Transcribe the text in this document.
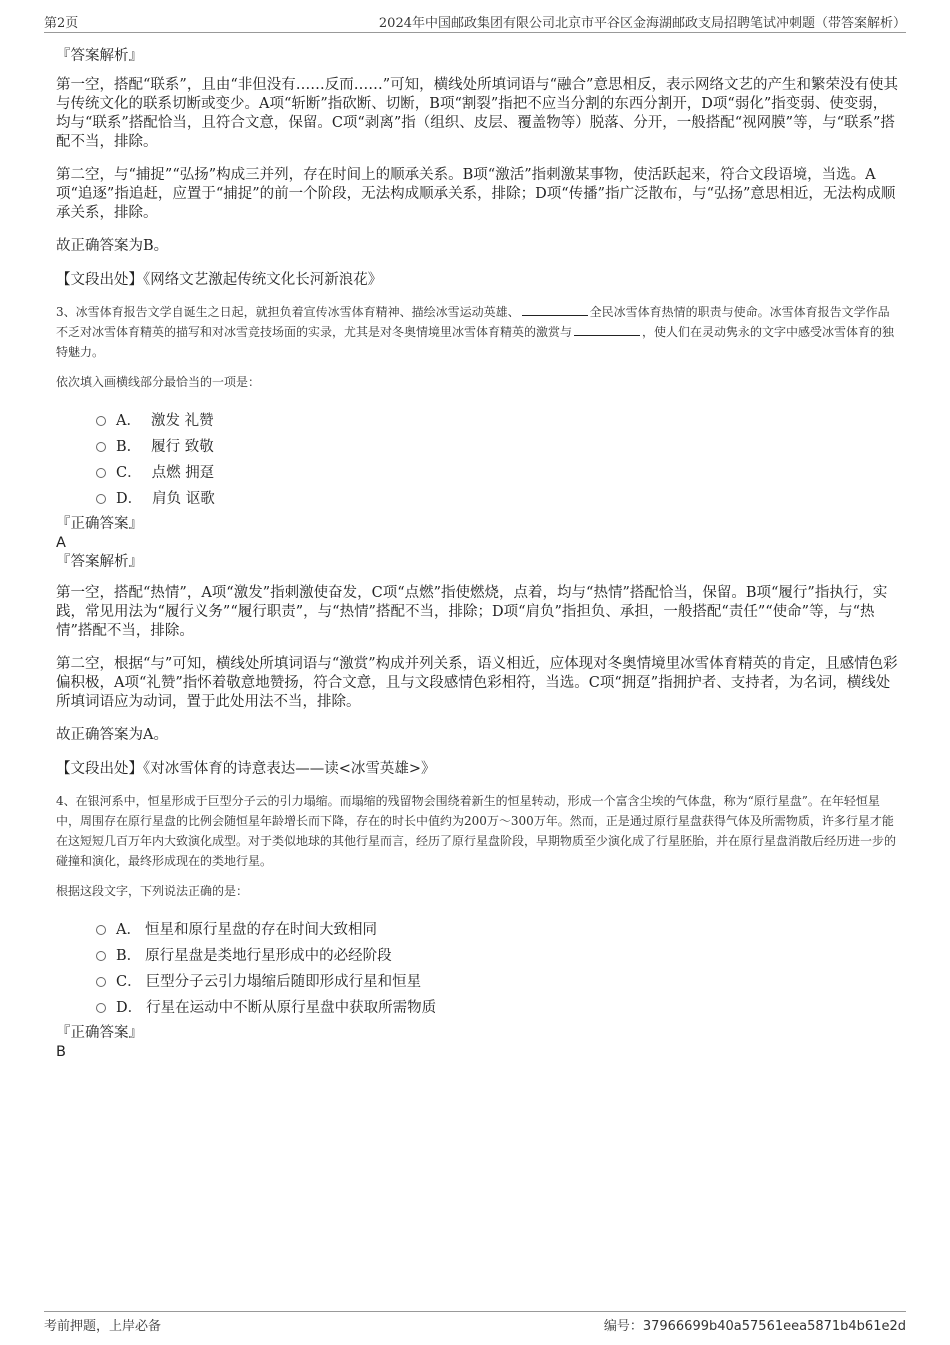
第2页	2024年中国邮政集团有限公司北京市平谷区金海湖邮政支局招聘笔试冲刺题（带答案解析）

『答案解析』

第一空，搭配“联系”，且由“非但没有……反而……”可知，横线处所填词语与“融合”意思相反，表示网络文艺的产生和繁荣没有使其与传统文化的联系切断或变少。A项“斩断”指砍断、切断，B项“割裂”指把不应当分割的东西分割开，D项“弱化”指变弱、使变弱，均与“联系”搭配恰当，且符合文意，保留。C项“剥离”指（组织、皮层、覆盖物等）脱落、分开，一般搭配“视网膜”等，与“联系”搭配不当，排除。

第二空，与“捕捉”“弘扬”构成三并列，存在时间上的顺承关系。B项“激活”指刺激某事物，使活跃起来，符合文段语境，当选。A项“追逐”指追赶，应置于“捕捉”的前一个阶段，无法构成顺承关系，排除；D项“传播”指广泛散布，与“弘扬”意思相近，无法构成顺承关系，排除。

故正确答案为B。

【文段出处】《网络文艺激起传统文化长河新浪花》

3、冰雪体育报告文学自诞生之日起，就担负着宣传冰雪体育精神、描绘冰雪运动英雄、	全民冰雪体育热情的职责与使命。冰雪体育报告文学作品不乏对冰雪体育精英的描写和对冰雪竞技场面的实录，尤其是对冬奥情境里冰雪体育精英的激赏与	，使人们在灵动隽永的文字中感受冰雪体育的独特魅力。

依次填入画横线部分最恰当的一项是：

A． 激发 礼赞
B． 履行 致敬
C． 点燃 拥趸
D． 肩负 讴歌

『正确答案』

A

『答案解析』

第一空，搭配“热情”，A项“激发”指刺激使奋发，C项“点燃”指使燃烧，点着，均与“热情”搭配恰当，保留。B项“履行”指执行，实践，常见用法为“履行义务”“履行职责”，与“热情”搭配不当，排除；D项“肩负”指担负、承担，一般搭配“责任”“使命”等，与“热情”搭配不当，排除。

第二空，根据“与”可知，横线处所填词语与“激赏”构成并列关系，语义相近，应体现对冬奥情境里冰雪体育精英的肯定，且感情色彩偏积极，A项“礼赞”指怀着敬意地赞扬，符合文意，且与文段感情色彩相符，当选。C项“拥趸”指拥护者、支持者，为名词，横线处所填词语应为动词，置于此处用法不当，排除。

故正确答案为A。

【文段出处】《对冰雪体育的诗意表达——读<冰雪英雄>》

4、在银河系中，恒星形成于巨型分子云的引力塌缩。而塌缩的残留物会围绕着新生的恒星转动，形成一个富含尘埃的气体盘，称为“原行星盘”。在年轻恒星中，周围存在原行星盘的比例会随恒星年龄增长而下降，存在的时长中值约为200万～300万年。然而，正是通过原行星盘获得气体及所需物质，许多行星才能在这短短几百万年内大致演化成型。对于类似地球的其他行星而言，经历了原行星盘阶段，早期物质至少演化成了行星胚胎，并在原行星盘消散后经历进一步的碰撞和演化，最终形成现在的类地行星。

根据这段文字，下列说法正确的是：

A． 恒星和原行星盘的存在时间大致相同
B． 原行星盘是类地行星形成中的必经阶段
C． 巨型分子云引力塌缩后随即形成行星和恒星
D． 行星在运动中不断从原行星盘中获取所需物质

『正确答案』

B

考前押题，上岸必备	编号：37966699b40a57561eea5871b4b61e2d
